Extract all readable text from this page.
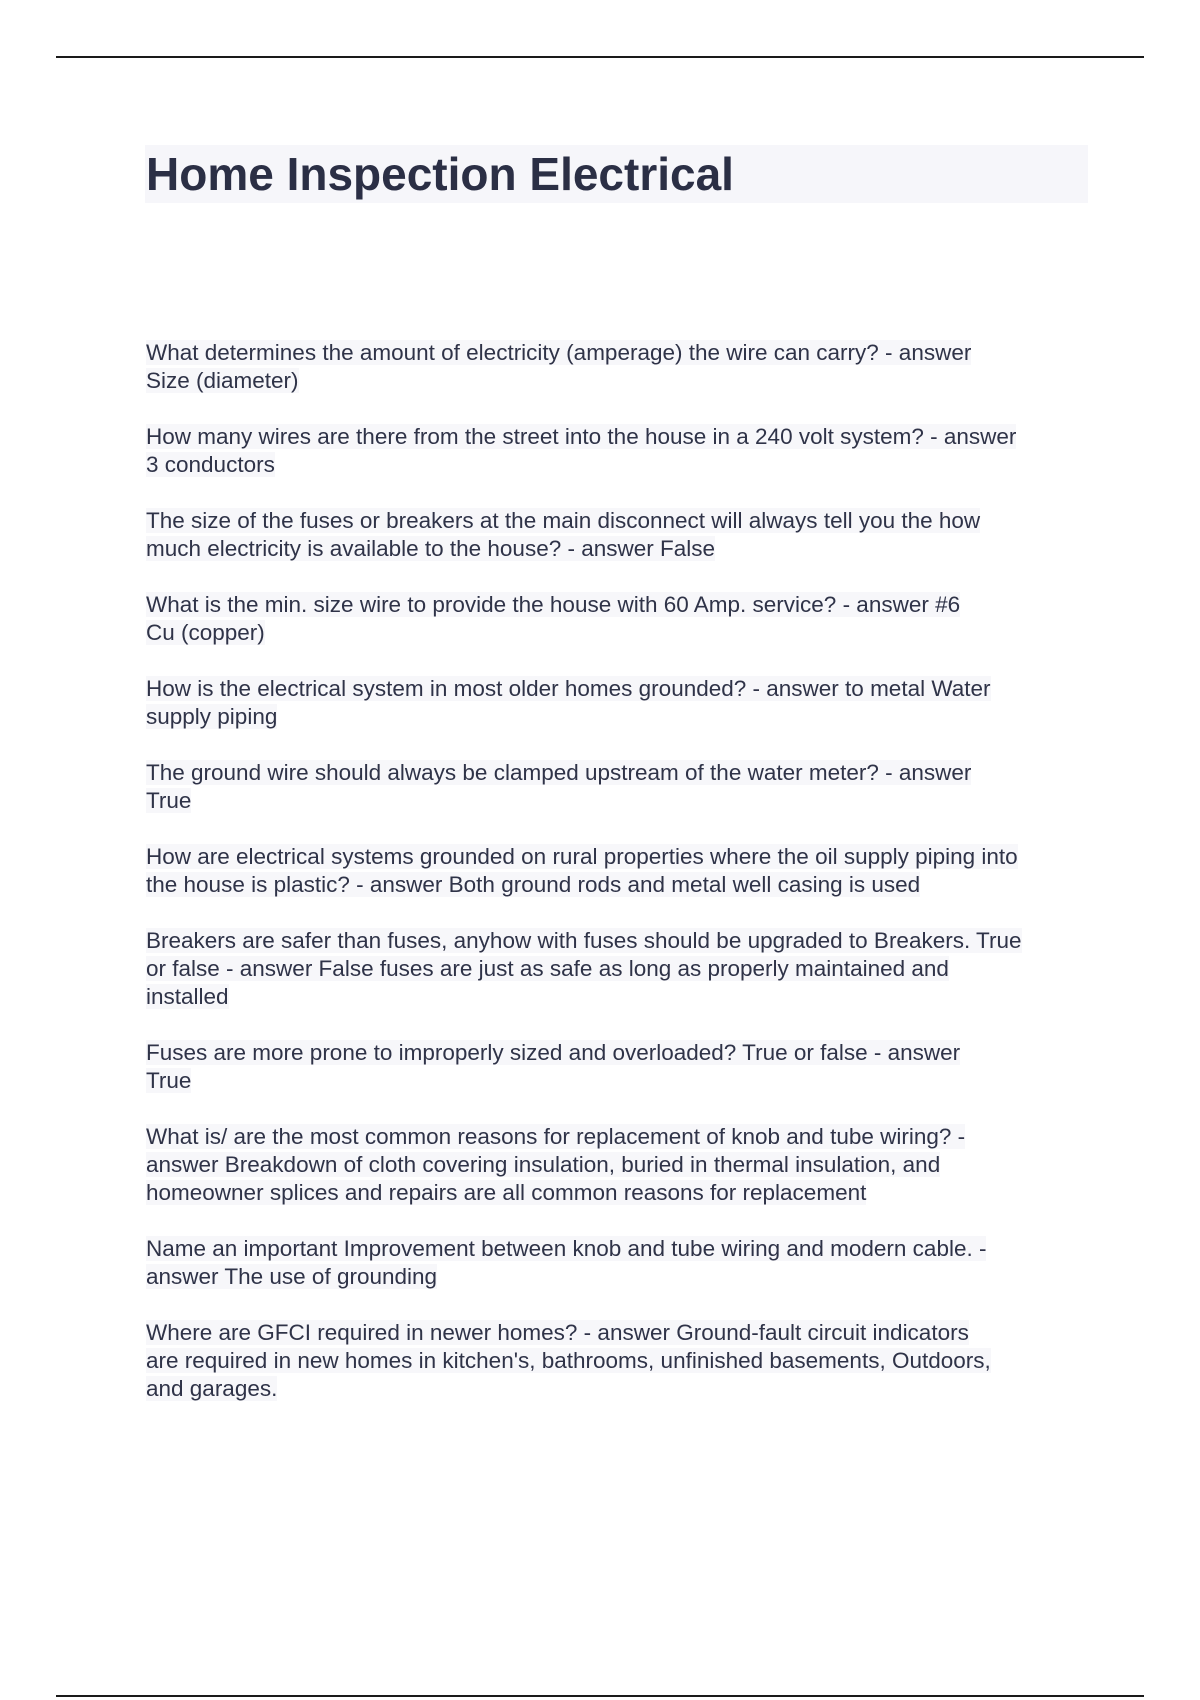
Home Inspection Electrical
What determines the amount of electricity (amperage) the wire can carry? - answer
Size (diameter)
How many wires are there from the street into the house in a 240 volt system? - answer
3 conductors
The size of the fuses or breakers at the main disconnect will always tell you the how
much electricity is available to the house? - answer False
What is the min. size wire to provide the house with 60 Amp. service? - answer #6
Cu (copper)
How is the electrical system in most older homes grounded? - answer to metal Water
supply piping
The ground wire should always be clamped upstream of the water meter? - answer
True
How are electrical systems grounded on rural properties where the oil supply piping into
the house is plastic? - answer Both ground rods and metal well casing is used
Breakers are safer than fuses, anyhow with fuses should be upgraded to Breakers. True
or false - answer False fuses are just as safe as long as properly maintained and
installed
Fuses are more prone to improperly sized and overloaded? True or false - answer
True
What is/ are the most common reasons for replacement of knob and tube wiring? -
answer Breakdown of cloth covering insulation, buried in thermal insulation, and
homeowner splices and repairs are all common reasons for replacement
Name an important Improvement between knob and tube wiring and modern cable. -
answer The use of grounding
Where are GFCI required in newer homes? - answer Ground-fault circuit indicators
are required in new homes in kitchen's, bathrooms, unfinished basements, Outdoors,
and garages.
